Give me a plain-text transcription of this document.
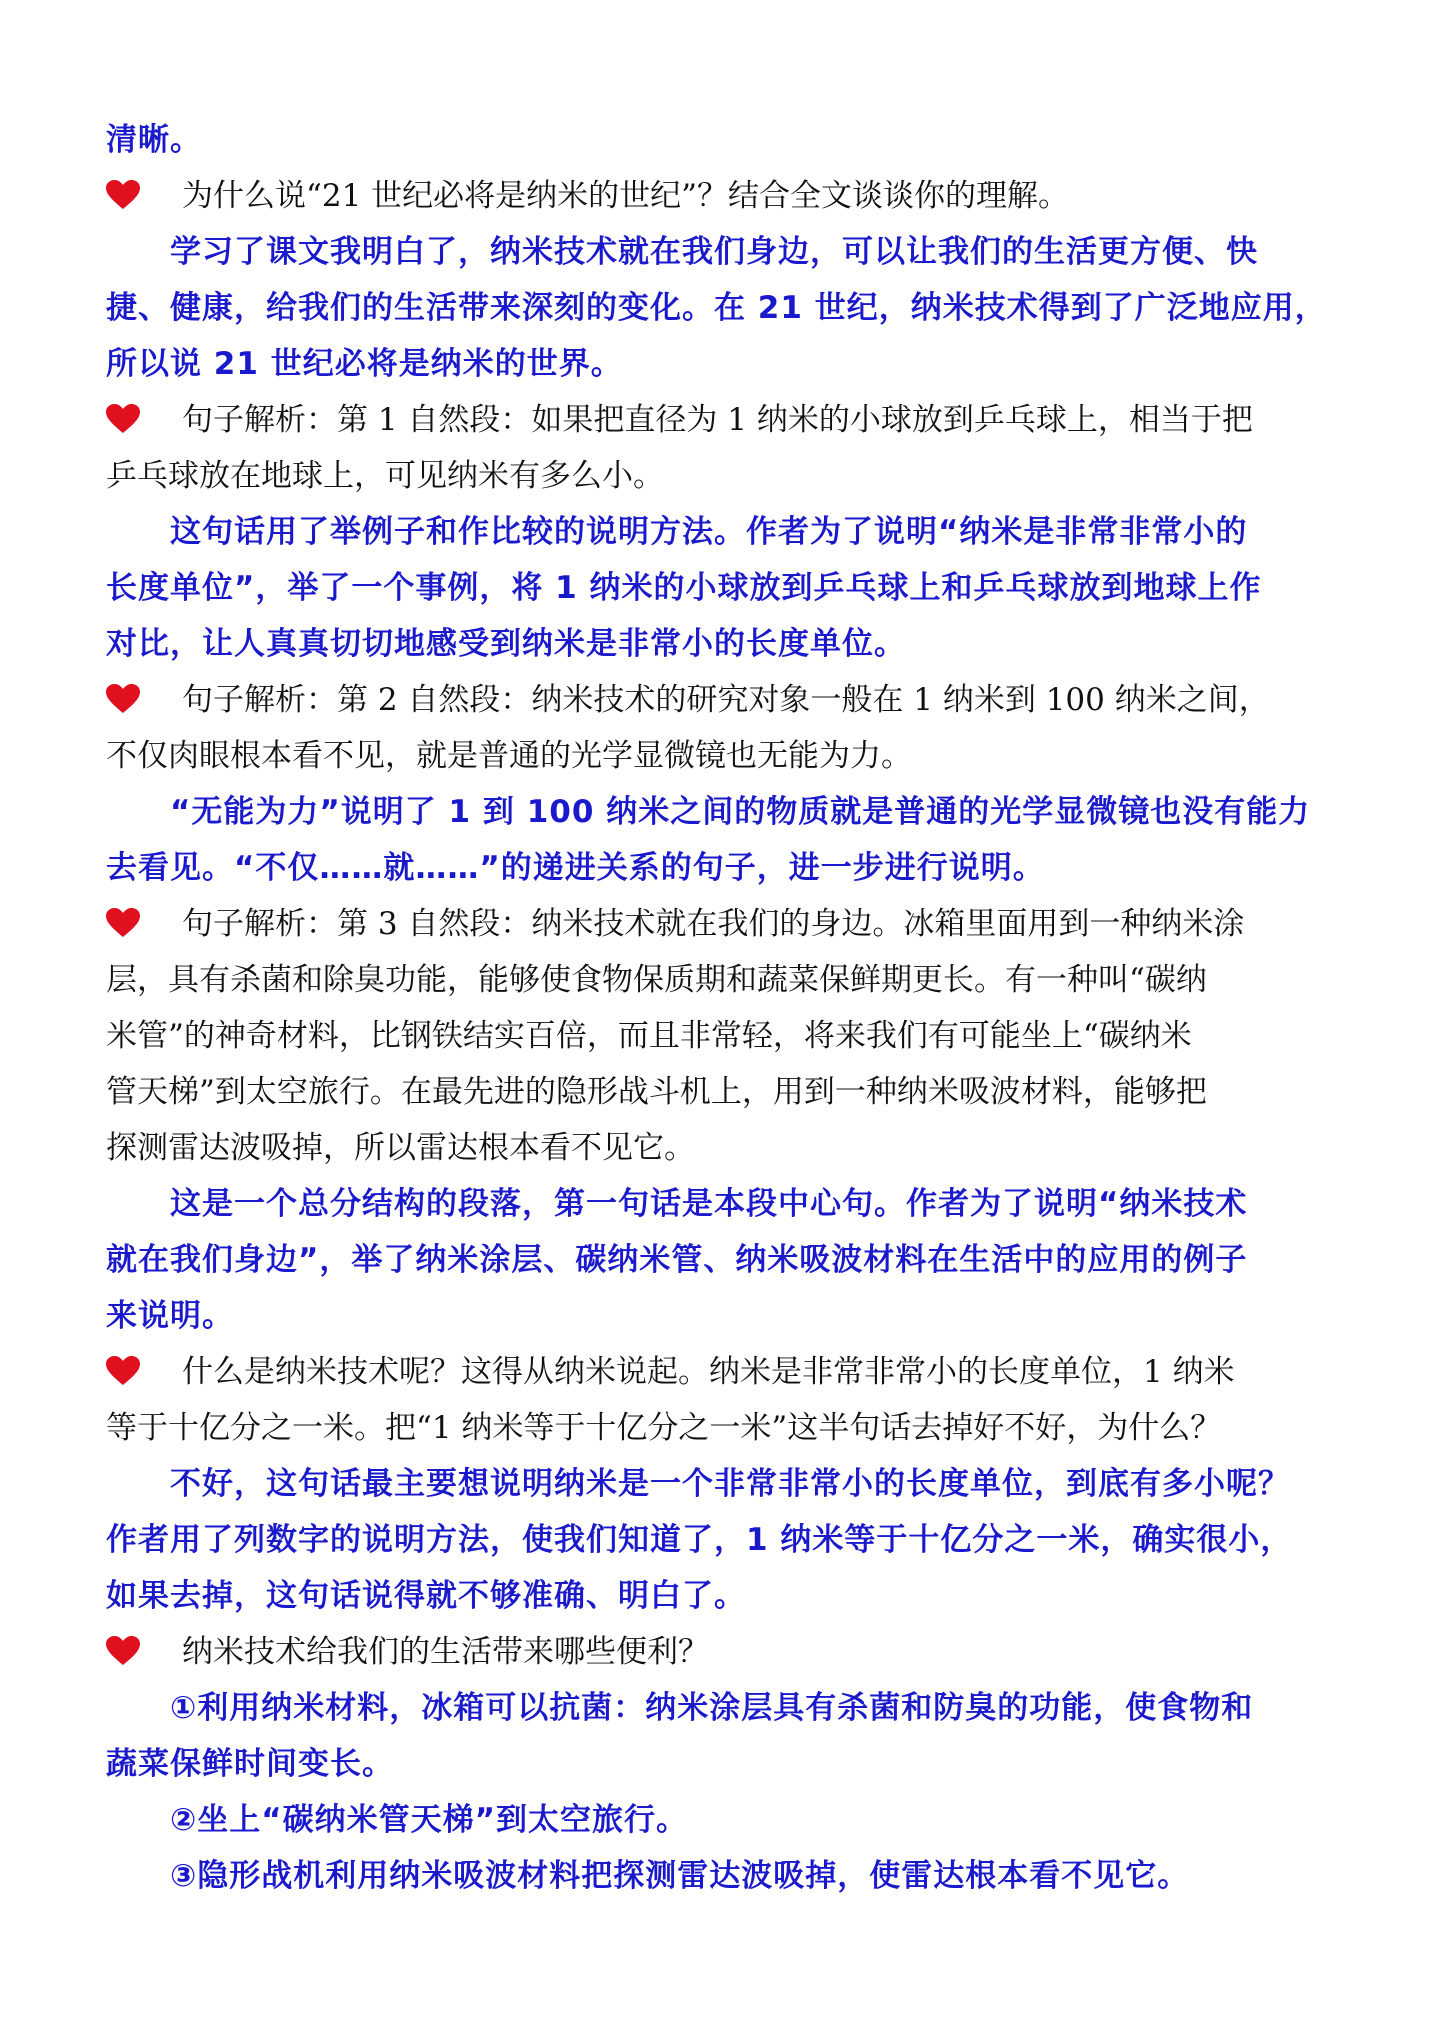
清晰。
为什么说“21 世纪必将是纳米的世纪”？结合全文谈谈你的理解。
学习了课文我明白了，纳米技术就在我们身边，可以让我们的生活更方便、快
捷、健康，给我们的生活带来深刻的变化。在 21 世纪，纳米技术得到了广泛地应用，
所以说 21 世纪必将是纳米的世界。
句子解析：第 1 自然段：如果把直径为 1 纳米的小球放到乒乓球上，相当于把
乒乓球放在地球上，可见纳米有多么小。
这句话用了举例子和作比较的说明方法。作者为了说明“纳米是非常非常小的
长度单位”，举了一个事例，将 1 纳米的小球放到乒乓球上和乒乓球放到地球上作
对比，让人真真切切地感受到纳米是非常小的长度单位。
句子解析：第 2 自然段：纳米技术的研究对象一般在 1 纳米到 100 纳米之间，
不仅肉眼根本看不见，就是普通的光学显微镜也无能为力。
“无能为力”说明了 1 到 100 纳米之间的物质就是普通的光学显微镜也没有能力
去看见。“不仅……就……”的递进关系的句子，进一步进行说明。
句子解析：第 3 自然段：纳米技术就在我们的身边。冰箱里面用到一种纳米涂
层，具有杀菌和除臭功能，能够使食物保质期和蔬菜保鲜期更长。有一种叫“碳纳
米管”的神奇材料，比钢铁结实百倍，而且非常轻，将来我们有可能坐上“碳纳米
管天梯”到太空旅行。在最先进的隐形战斗机上，用到一种纳米吸波材料，能够把
探测雷达波吸掉，所以雷达根本看不见它。
这是一个总分结构的段落，第一句话是本段中心句。作者为了说明“纳米技术
就在我们身边”，举了纳米涂层、碳纳米管、纳米吸波材料在生活中的应用的例子
来说明。
什么是纳米技术呢？这得从纳米说起。纳米是非常非常小的长度单位，1 纳米
等于十亿分之一米。把“1 纳米等于十亿分之一米”这半句话去掉好不好，为什么？
不好，这句话最主要想说明纳米是一个非常非常小的长度单位，到底有多小呢？
作者用了列数字的说明方法，使我们知道了，1 纳米等于十亿分之一米，确实很小，
如果去掉，这句话说得就不够准确、明白了。
纳米技术给我们的生活带来哪些便利？
①利用纳米材料，冰箱可以抗菌：纳米涂层具有杀菌和防臭的功能，使食物和
蔬菜保鲜时间变长。
②坐上“碳纳米管天梯”到太空旅行。
③隐形战机利用纳米吸波材料把探测雷达波吸掉，使雷达根本看不见它。
